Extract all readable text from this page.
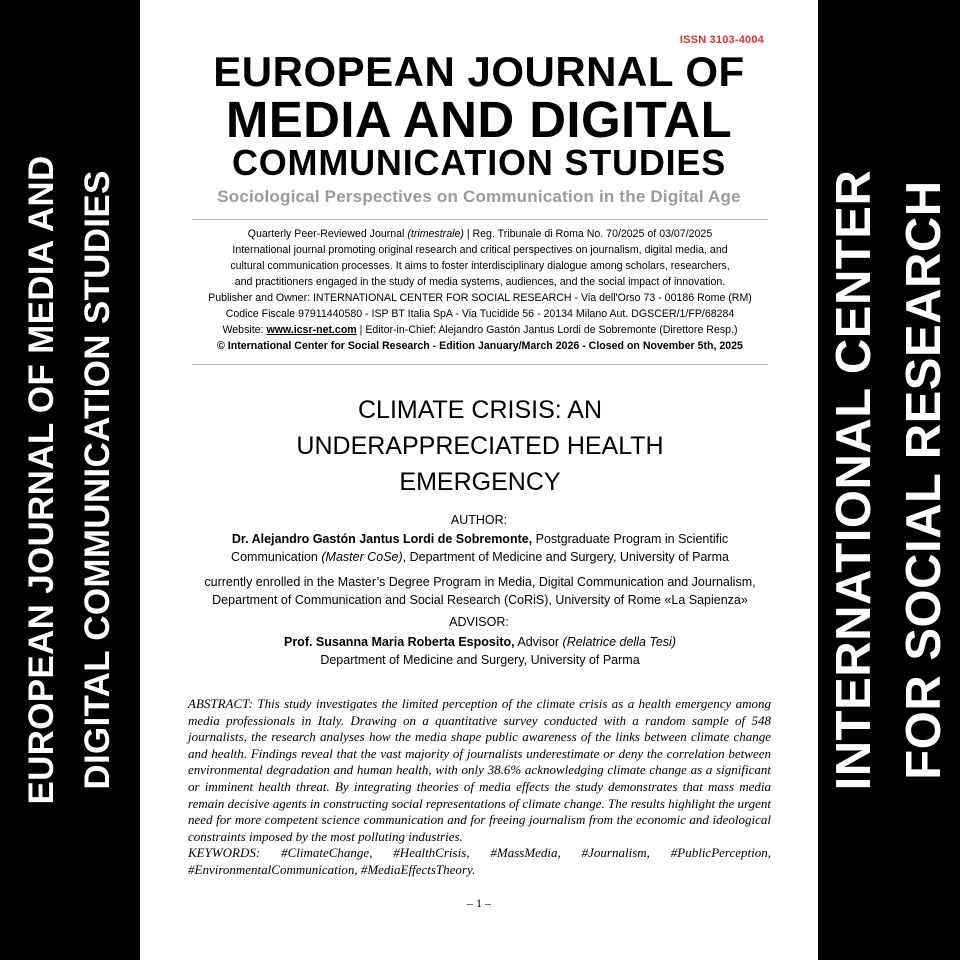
EUROPEAN JOURNAL OF MEDIA AND DIGITAL COMMUNICATION STUDIES
ISSN 3103-4004
EUROPEAN JOURNAL OF
MEDIA AND DIGITAL
COMMUNICATION STUDIES
Sociological Perspectives on Communication in the Digital Age

Quarterly Peer-Reviewed Journal (trimestrale) | Reg. Tribunale di Roma No. 70/2025 of 03/07/2025

International journal promoting original research and critical perspectives on journalism, digital media, and

cultural communication processes. It aims to foster interdisciplinary dialogue among scholars, researchers,

and practitioners engaged in the study of media systems, audiences, and the social impact of innovation.

Publisher and Owner: INTERNATIONAL CENTER FOR SOCIAL RESEARCH - Via dell'Orso 73 - 00186 Rome (RM)

Codice Fiscale 97911440580 - ISP BT Italia SpA - Via Tucidide 56 - 20134 Milano Aut. DGSCER/1/FP/68284

Website: www.icsr-net.com | Editor-in-Chief: Alejandro Gastón Jantus Lordi de Sobremonte (Direttore Resp.)

© International Center for Social Research - Edition January/March 2026 - Closed on November 5th, 2025

CLIMATE CRISIS: AN
UNDERAPPRECIATED HEALTH
EMERGENCY
AUTHOR:

Dr. Alejandro Gastón Jantus Lordi de Sobremonte, Postgraduate Program in Scientific

Communication (Master CoSe), Department of Medicine and Surgery, University of Parma

currently enrolled in the Master’s Degree Program in Media, Digital Communication and Journalism,

Department of Communication and Social Research (CoRiS), University of Rome «La Sapienza»

ADVISOR:

Prof. Susanna Maria Roberta Esposito, Advisor (Relatrice della Tesi)

Department of Medicine and Surgery, University of Parma

ABSTRACT: This study investigates the limited perception of the climate crisis as a health emergency among media professionals in Italy. Drawing on a quantitative survey conducted with a random sample of 548 journalists, the research analyses how the media shape public awareness of the links between climate change and health. Findings reveal that the vast majority of journalists underestimate or deny the correlation between environmental degradation and human health, with only 38.6% acknowledging climate change as a significant or imminent health threat. By integrating theories of media effects the study demonstrates that mass media remain decisive agents in constructing social representations of climate change. The results highlight the urgent need for more competent science communication and for freeing journalism from the economic and ideological constraints imposed by the most polluting industries.

KEYWORDS: #ClimateChange, #HealthCrisis, #MassMedia, #Journalism, #PublicPerception, #EnvironmentalCommunication, #MediaEffectsTheory.

– 1 –
INTERNATIONAL CENTER FOR SOCIAL RESEARCH
